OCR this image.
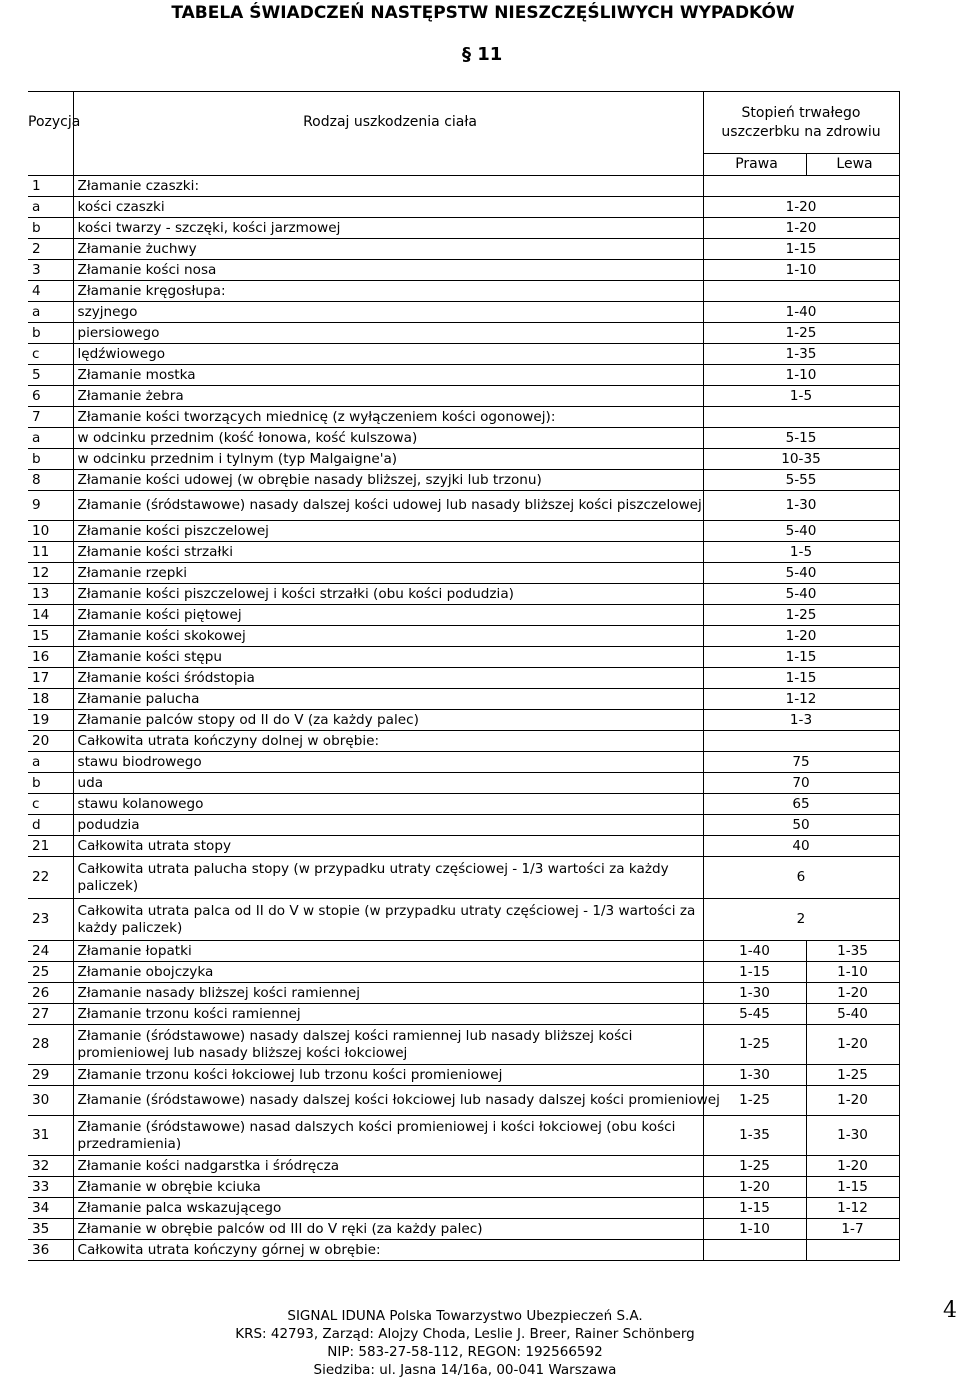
TABELA ŚWIADCZEŃ NASTĘPSTW NIESZCZĘŚLIWYCH WYPADKÓW
§ 11
Pozycja	Rodzaj uszkodzenia ciała	Stopień trwałego uszczerbku na zdrowiu	
		Prawa	Lewa
1	Złamanie czaszki:		
a	kości czaszki	1-20	
b	kości twarzy - szczęki, kości jarzmowej	1-20	
2	Złamanie żuchwy	1-15	
3	Złamanie kości nosa	1-10	
4	Złamanie kręgosłupa:		
a	szyjnego	1-40	
b	piersiowego	1-25	
c	lędźwiowego	1-35	
5	Złamanie mostka	1-10	
6	Złamanie żebra	1-5	
7	Złamanie kości tworzących miednicę (z wyłączeniem kości ogonowej):		
a	w odcinku przednim (kość łonowa, kość kulszowa)	5-15	
b	w odcinku przednim i tylnym (typ Malgaigne'a)	10-35	
8	Złamanie kości udowej (w obrębie nasady bliższej, szyjki lub trzonu)	5-55	
9	Złamanie (śródstawowe) nasady dalszej kości udowej lub nasady bliższej kości piszczelowej	1-30	
10	Złamanie kości piszczelowej	5-40	
11	Złamanie kości strzałki	1-5	
12	Złamanie rzepki	5-40	
13	Złamanie kości piszczelowej i kości strzałki (obu kości podudzia)	5-40	
14	Złamanie kości piętowej	1-25	
15	Złamanie kości skokowej	1-20	
16	Złamanie kości stępu	1-15	
17	Złamanie kości śródstopia	1-15	
18	Złamanie palucha	1-12	
19	Złamanie palców stopy od II do V (za każdy palec)	1-3	
20	Całkowita utrata kończyny dolnej w obrębie:		
a	stawu biodrowego	75	
b	uda	70	
c	stawu kolanowego	65	
d	podudzia	50	
21	Całkowita utrata stopy	40	
22	Całkowita utrata palucha stopy (w przypadku utraty częściowej - 1/3 wartości za każdy paliczek)	6	
23	Całkowita utrata palca od II do V w stopie (w przypadku utraty częściowej - 1/3 wartości za każdy paliczek)	2	
24	Złamanie łopatki	1-40	1-35
25	Złamanie obojczyka	1-15	1-10
26	Złamanie nasady bliższej kości ramiennej	1-30	1-20
27	Złamanie trzonu kości ramiennej	5-45	5-40
28	Złamanie (śródstawowe) nasady dalszej kości ramiennej lub nasady bliższej kości promieniowej lub nasady bliższej kości łokciowej	1-25	1-20
29	Złamanie trzonu kości łokciowej lub trzonu kości promieniowej	1-30	1-25
30	Złamanie (śródstawowe) nasady dalszej kości łokciowej lub nasady dalszej kości promieniowej	1-25	1-20
31	Złamanie (śródstawowe) nasad dalszych kości promieniowej i kości łokciowej (obu kości przedramienia)	1-35	1-30
32	Złamanie kości nadgarstka i śródręcza	1-25	1-20
33	Złamanie w obrębie kciuka	1-20	1-15
34	Złamanie palca wskazującego	1-15	1-12
35	Złamanie w obrębie palców od III do V ręki (za każdy palec)	1-10	1-7
36	Całkowita utrata kończyny górnej w obrębie:		
SIGNAL IDUNA Polska Towarzystwo Ubezpieczeń S.A.
KRS: 42793, Zarząd: Alojzy Choda, Leslie J. Breer, Rainer Schönberg
NIP: 583-27-58-112, REGON: 192566592
Siedziba: ul. Jasna 14/16a, 00-041 Warszawa
4
